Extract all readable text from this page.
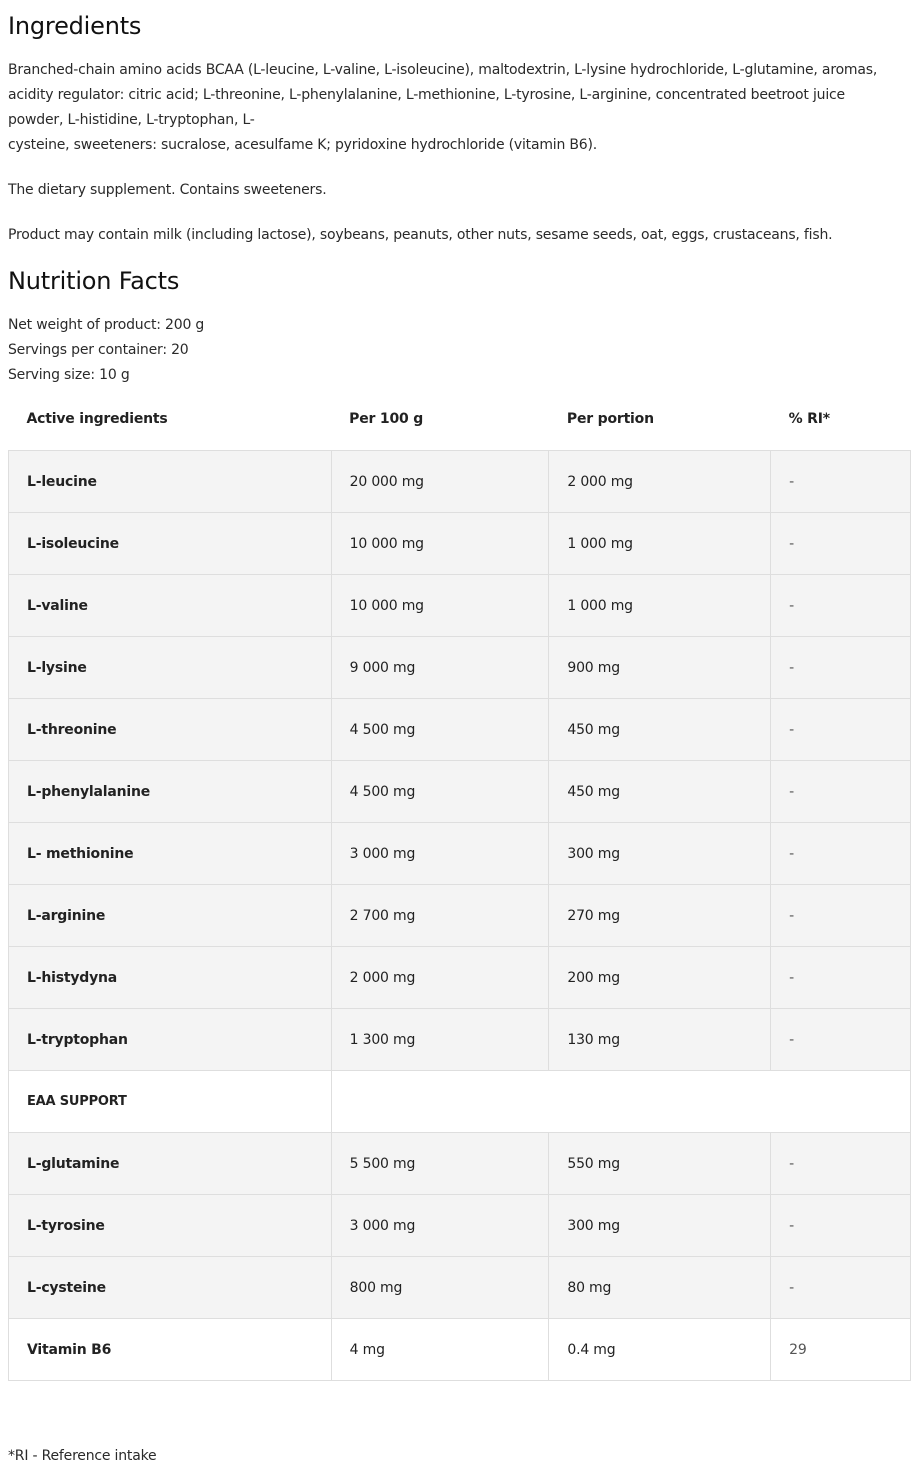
Ingredients

Branched-chain amino acids BCAA (L-leucine, L-valine, L-isoleucine), maltodextrin, L-lysine hydrochloride, L-glutamine, aromas,
acidity regulator: citric acid; L-threonine, L-phenylalanine, L-methionine, L-tyrosine, L-arginine, concentrated beetroot juice
powder, L-histidine, L-tryptophan, L-
cysteine, sweeteners: sucralose, acesulfame K; pyridoxine hydrochloride (vitamin B6).

The dietary supplement. Contains sweeteners.

Product may contain milk (including lactose), soybeans, peanuts, other nuts, sesame seeds, oat, eggs, crustaceans, fish.

Nutrition Facts
Net weight of product: 200 g
Servings per container: 20
Serving size: 10 g
Active ingredients	Per 100 g	Per portion	% RI*
L-leucine	20 000 mg	2 000 mg	-
L-isoleucine	10 000 mg	1 000 mg	-
L-valine	10 000 mg	1 000 mg	-
L-lysine	9 000 mg	900 mg	-
L-threonine	4 500 mg	450 mg	-
L-phenylalanine	4 500 mg	450 mg	-
L- methionine	3 000 mg	300 mg	-
L-arginine	2 700 mg	270 mg	-
L-histydyna	2 000 mg	200 mg	-
L-tryptophan	1 300 mg	130 mg	-
EAA SUPPORT			
L-glutamine	5 500 mg	550 mg	-
L-tyrosine	3 000 mg	300 mg	-
L-cysteine	800 mg	80 mg	-
Vitamin B6	4 mg	0.4 mg	29
*RI - Reference intake
